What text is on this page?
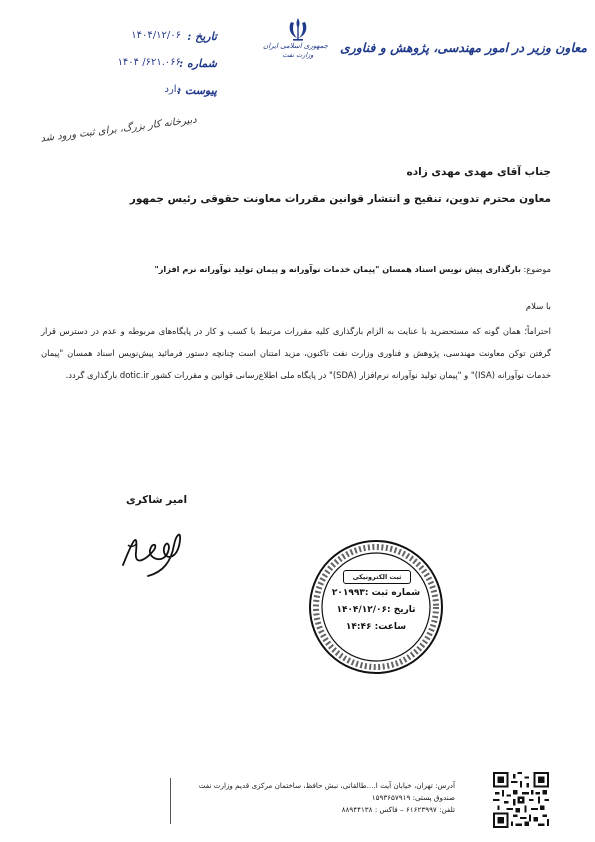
معاون وزیر در امور مهندسی، پژوهش و فناوری
جمهوری اسلامی ایران
وزارت نفت
تاریخ :
۱۴۰۴/۱۲/۰۶
شماره :
۱۴۰۴ /۶۲۱.۰۶۶
پیوست :
دارد
دبیرخانه کار بزرگ، برای ثبت ورود شد
جناب آقای مهدی مهدی زاده
معاون محترم تدوین، تنقیح و انتشار قوانین مقررات معاونت حقوقی رئیس جمهور
موضوع: بارگذاری پیش نویس اسناد همسان "پیمان خدمات نوآورانه و پیمان تولید نوآورانه نرم افزار"
با سلام
احتراماً؛ همان گونه که مستحضرید با عنایت به الزام بارگذاری کلیه مقررات مرتبط با کسب و کار در پایگاه‌های مربوطه و عدم در دسترس قرار گرفتن توکن معاونت مهندسی، پژوهش و فناوری وزارت نفت تاکنون، مزید امتنان است چنانچه دستور فرمائید پیش‌نویس اسناد همسان "پیمان خدمات نوآورانه (ISA)" و "پیمان تولید نوآورانه نرم‌افزار (SDA)" در پایگاه ملی اطلاع‌رسانی قوانین و مقررات کشور dotic.ir بارگذاری گردد.
امیر شاکری
ثبت الکترونیکی
شماره ثبت :۲۰۱۹۹۳
تاریخ :۱۴۰۴/۱۲/۰۶
ساعت: ۱۴:۴۶
آدرس: تهران، خیابان آیت ا....طالقانی، نبش حافظ، ساختمان مرکزی قدیم وزارت نفت
صندوق پستی: ۱۵۹۳۶۵۷۹۱۹
تلفن: ۶۱۶۲۳۹۹۷ – فاکس : ۸۸۹۴۴۱۳۸
